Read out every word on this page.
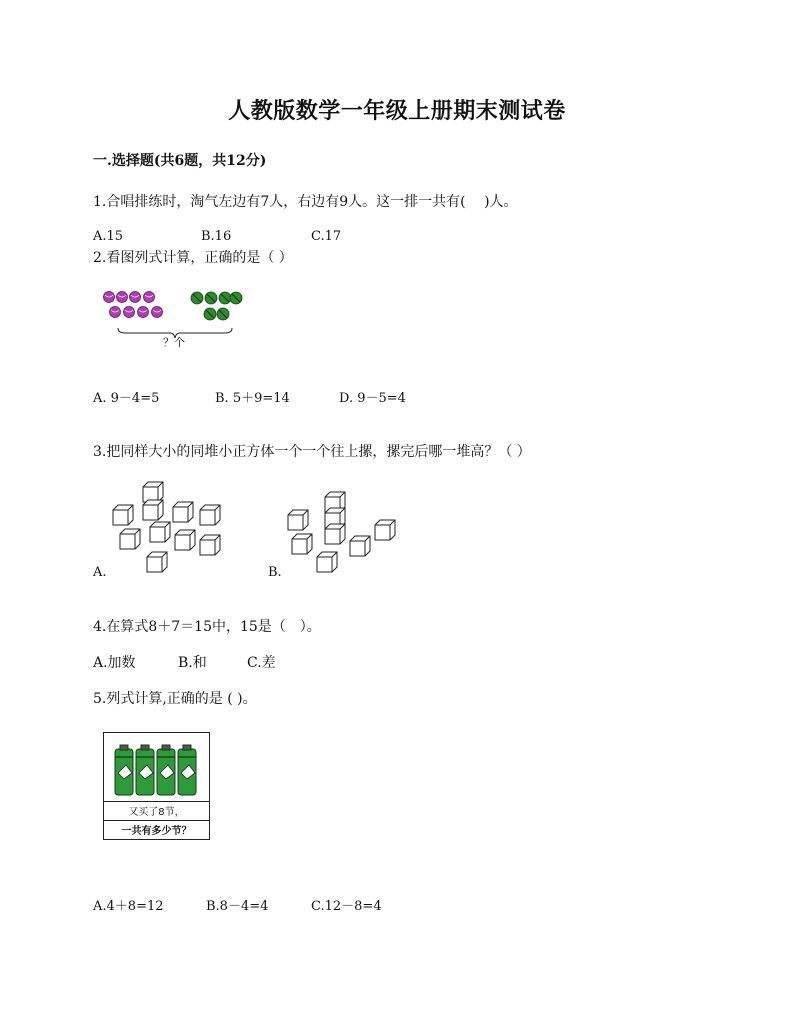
人教版数学一年级上册期末测试卷
一.选择题(共6题，共12分)
1.合唱排练时，淘气左边有7人，右边有9人。这一排一共有(　 )人。
A.15	B.16	C.17
2.看图列式计算，正确的是（ ）
？个
A. 9－4=5	B. 5＋9=14	D. 9－5=4
3.把同样大小的同堆小正方体一个一个往上摞，摞完后哪一堆高？（ ）
A.	B.
4.在算式8＋7＝15中，15是（　）。
A.加数	B.和	C.差
5.列式计算,正确的是 ( )。
又买了8节，
一共有多少节？
A.4＋8=12	B.8－4=4	C.12－8=4
